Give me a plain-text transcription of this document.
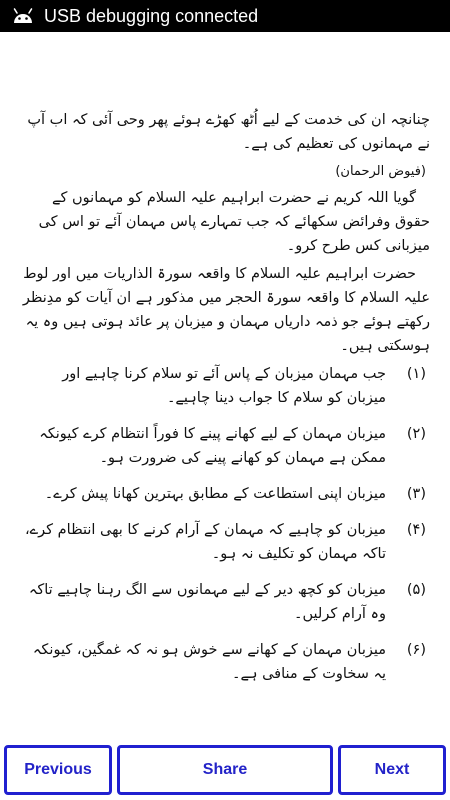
USB debugging connected

چنانچہ ان کی خدمت کے لیے اُٹھ کھڑے ہوئے پھر وحی آئی کہ اب آپ نے مہمانوں کی تعظیم کی ہے۔

(فیوض الرحمان)

گویا اللہ کریم نے حضرت ابراہیم علیہ السلام کو مہمانوں کے حقوق وفرائض سکھائے کہ جب تمہارے پاس مہمان آئے تو اس کی میزبانی کس طرح کرو۔

حضرت ابراہیم علیہ السلام کا واقعہ سورۃ الذاریات میں اور لوط علیہ السلام کا واقعہ سورۃ الحجر میں مذکور ہے ان آیات کو مدِنظر رکھتے ہوئے جو ذمہ داریاں مہمان و میزبان پر عائد ہوتی ہیں وہ یہ ہوسکتی ہیں۔

(۱)
جب مہمان میزبان کے پاس آئے تو سلام کرنا چاہیے اور میزبان کو سلام کا جواب دینا چاہیے۔
(۲)
میزبان مہمان کے لیے کھانے پینے کا فوراً انتظام کرے کیونکہ ممکن ہے مہمان کو کھانے پینے کی ضرورت ہو۔
(۳)
میزبان اپنی استطاعت کے مطابق بہترین کھانا پیش کرے۔
(۴)
میزبان کو چاہیے کہ مہمان کے آرام کرنے کا بھی انتظام کرے، تاکہ مہمان کو تکلیف نہ ہو۔
(۵)
میزبان کو کچھ دیر کے لیے مہمانوں سے الگ رہنا چاہیے تاکہ وہ آرام کرلیں۔
(۶)
میزبان مہمان کے کھانے سے خوش ہو نہ کہ غمگین، کیونکہ یہ سخاوت کے منافی ہے۔
Previous	Share	Next
